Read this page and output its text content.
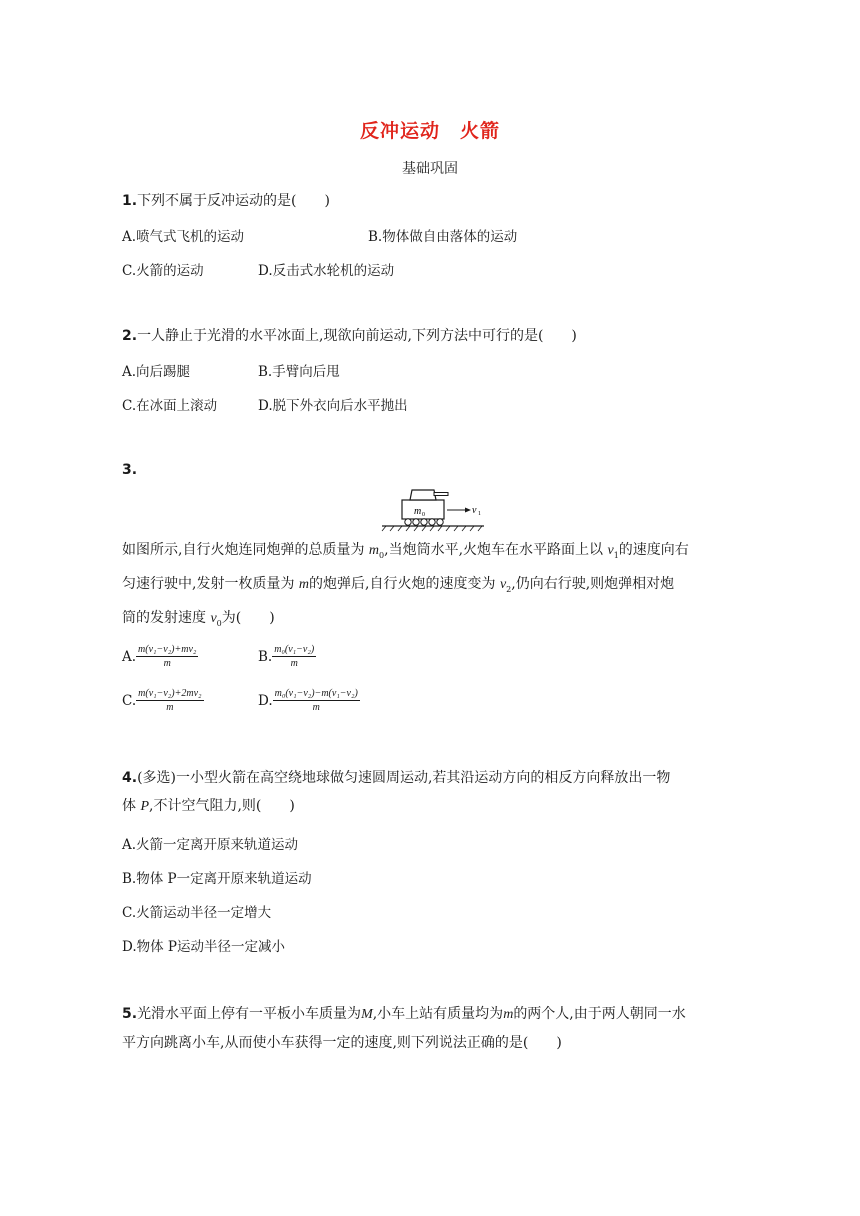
反冲运动　火箭
基础巩固
1.下列不属于反冲运动的是(　　)
A.喷气式飞机的运动	B.物体做自由落体的运动
C.火箭的运动	D.反击式水轮机的运动
2.一人静止于光滑的水平冰面上,现欲向前运动,下列方法中可行的是(　　)
A.向后踢腿	B.手臂向后甩
C.在冰面上滚动	D.脱下外衣向后水平抛出
3.
m 0	v 1
如图所示,自行火炮连同炮弹的总质量为 $m_0$,当炮筒水平,火炮车在水平路面上以 $v_1$的速度向右
匀速行驶中,发射一枚质量为 m的炮弹后,自行火炮的速度变为 $v_2$,仍向右行驶,则炮弹相对炮
筒的发射速度 $v_0$为(　　)
A. $\frac{\text{m(v₁−v₂)+mv₂}}{m}$	B. $\frac{\text{m₀(v₁−v₂)}}{m}$
C. $\frac{\text{m(v₁−v₂)+2mv₂}}{m}$	D. $\frac{\text{m₀(v₁−v₂)−m(v₁−v₂)}}{m}$
4.(多选)一小型火箭在高空绕地球做匀速圆周运动,若其沿运动方向的相反方向释放出一物
体 P,不计空气阻力,则(　　)
A.火箭一定离开原来轨道运动
B.物体 P一定离开原来轨道运动
C.火箭运动半径一定增大
D.物体 P运动半径一定减小
5.光滑水平面上停有一平板小车质量为M,小车上站有质量均为m的两个人,由于两人朝同一水
平方向跳离小车,从而使小车获得一定的速度,则下列说法正确的是(　　)
